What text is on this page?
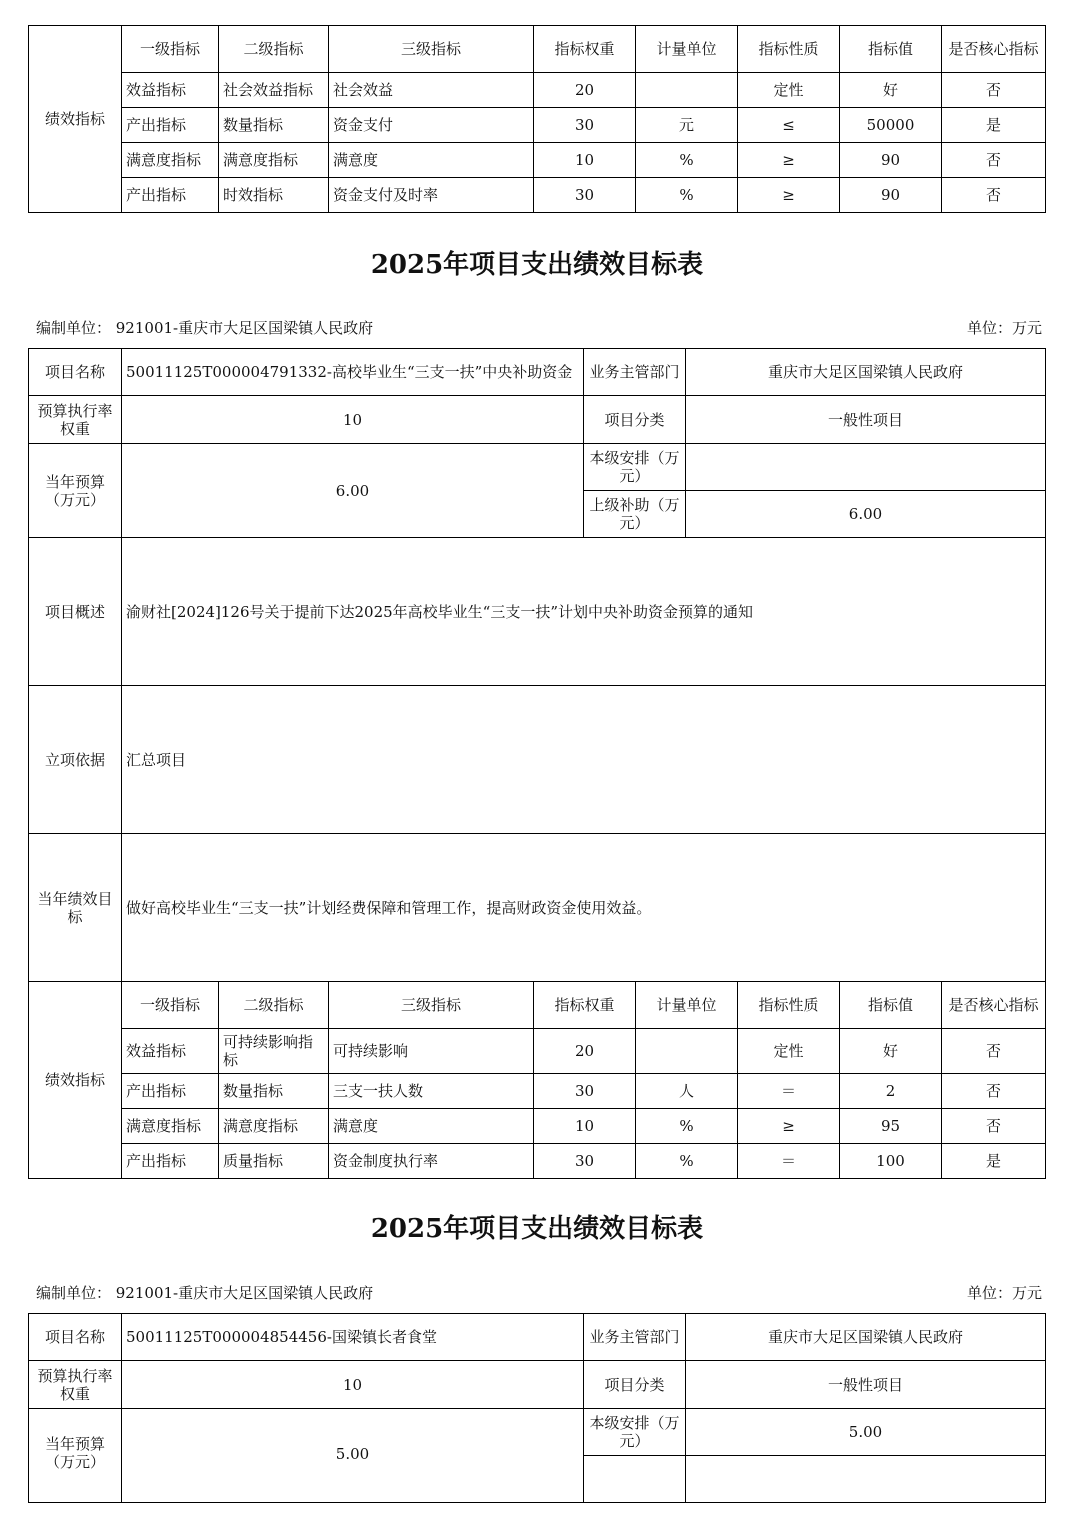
绩效指标	一级指标	二级指标	三级指标	指标权重	计量单位	指标性质	指标值	是否核心指标
	效益指标	社会效益指标	社会效益	20		定性	好	否
	产出指标	数量指标	资金支付	30	元	≤	50000	是
	满意度指标	满意度指标	满意度	10	%	≥	90	否
	产出指标	时效指标	资金支付及时率	30	%	≥	90	否
2025年项目支出绩效目标表
编制单位： 921001-重庆市大足区国梁镇人民政府	单位：万元
项目名称	50011125T000004791332-高校毕业生“三支一扶”中央补助资金	业务主管部门	重庆市大足区国梁镇人民政府
预算执行率权重	10	项目分类	一般性项目
当年预算（万元）	6.00	本级安排（万元）	
		上级补助（万元）	6.00
项目概述	渝财社[2024]126号关于提前下达2025年高校毕业生“三支一扶”计划中央补助资金预算的通知		
立项依据	汇总项目		
当年绩效目标	做好高校毕业生“三支一扶”计划经费保障和管理工作，提高财政资金使用效益。		
绩效指标	一级指标	二级指标	三级指标	指标权重	计量单位	指标性质	指标值	是否核心指标
	效益指标	可持续影响指标	可持续影响	20		定性	好	否
	产出指标	数量指标	三支一扶人数	30	人	＝	2	否
	满意度指标	满意度指标	满意度	10	%	≥	95	否
	产出指标	质量指标	资金制度执行率	30	%	＝	100	是
2025年项目支出绩效目标表
编制单位： 921001-重庆市大足区国梁镇人民政府	单位：万元
项目名称	50011125T000004854456-国梁镇长者食堂	业务主管部门	重庆市大足区国梁镇人民政府
预算执行率权重	10	项目分类	一般性项目
当年预算（万元）	5.00	本级安排（万元）	5.00
